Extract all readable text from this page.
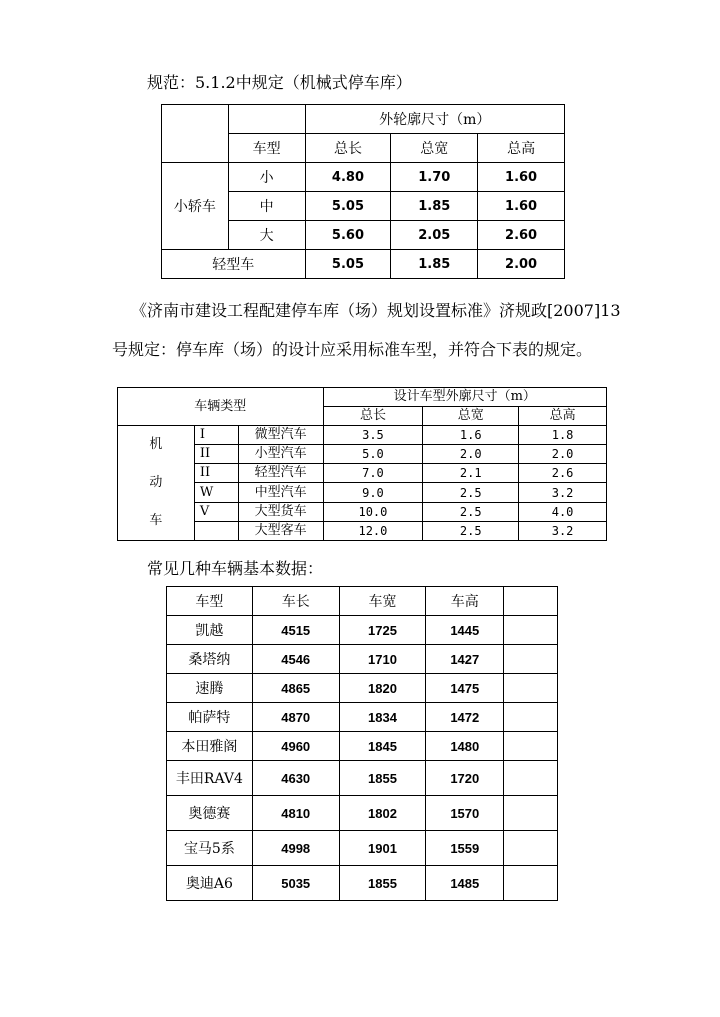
规范：5.1.2中规定（机械式停车库）

		外轮廓尺寸（m）		
	车型	总长	总宽	总高
小轿车	小	4.80	1.70	1.60
	中	5.05	1.85	1.60
	大	5.60	2.05	2.60
轻型车		5.05	1.85	2.00

《济南市建设工程配建停车库（场）规划设置标准》济规政[2007]13

号规定：停车库（场）的设计应采用标准车型，并符合下表的规定。

车辆类型			设计车型外廓尺寸（m）		
			总长	总宽	总高
机
动
车	I	微型汽车	3.5	1.6	1.8
	II	小型汽车	5.0	2.0	2.0
	II	轻型汽车	7.0	2.1	2.6
	W	中型汽车	9.0	2.5	3.2
	V	大型货车	10.0	2.5	4.0
		大型客车	12.0	2.5	3.2

常见几种车辆基本数据：

车型	车长	车宽	车高	
凯越	4515	1725	1445	
桑塔纳	4546	1710	1427	
速腾	4865	1820	1475	
帕萨特	4870	1834	1472	
本田雅阁	4960	1845	1480	
丰田RAV4	4630	1855	1720	
奥德赛	4810	1802	1570	
宝马5系	4998	1901	1559	
奥迪A6	5035	1855	1485	
